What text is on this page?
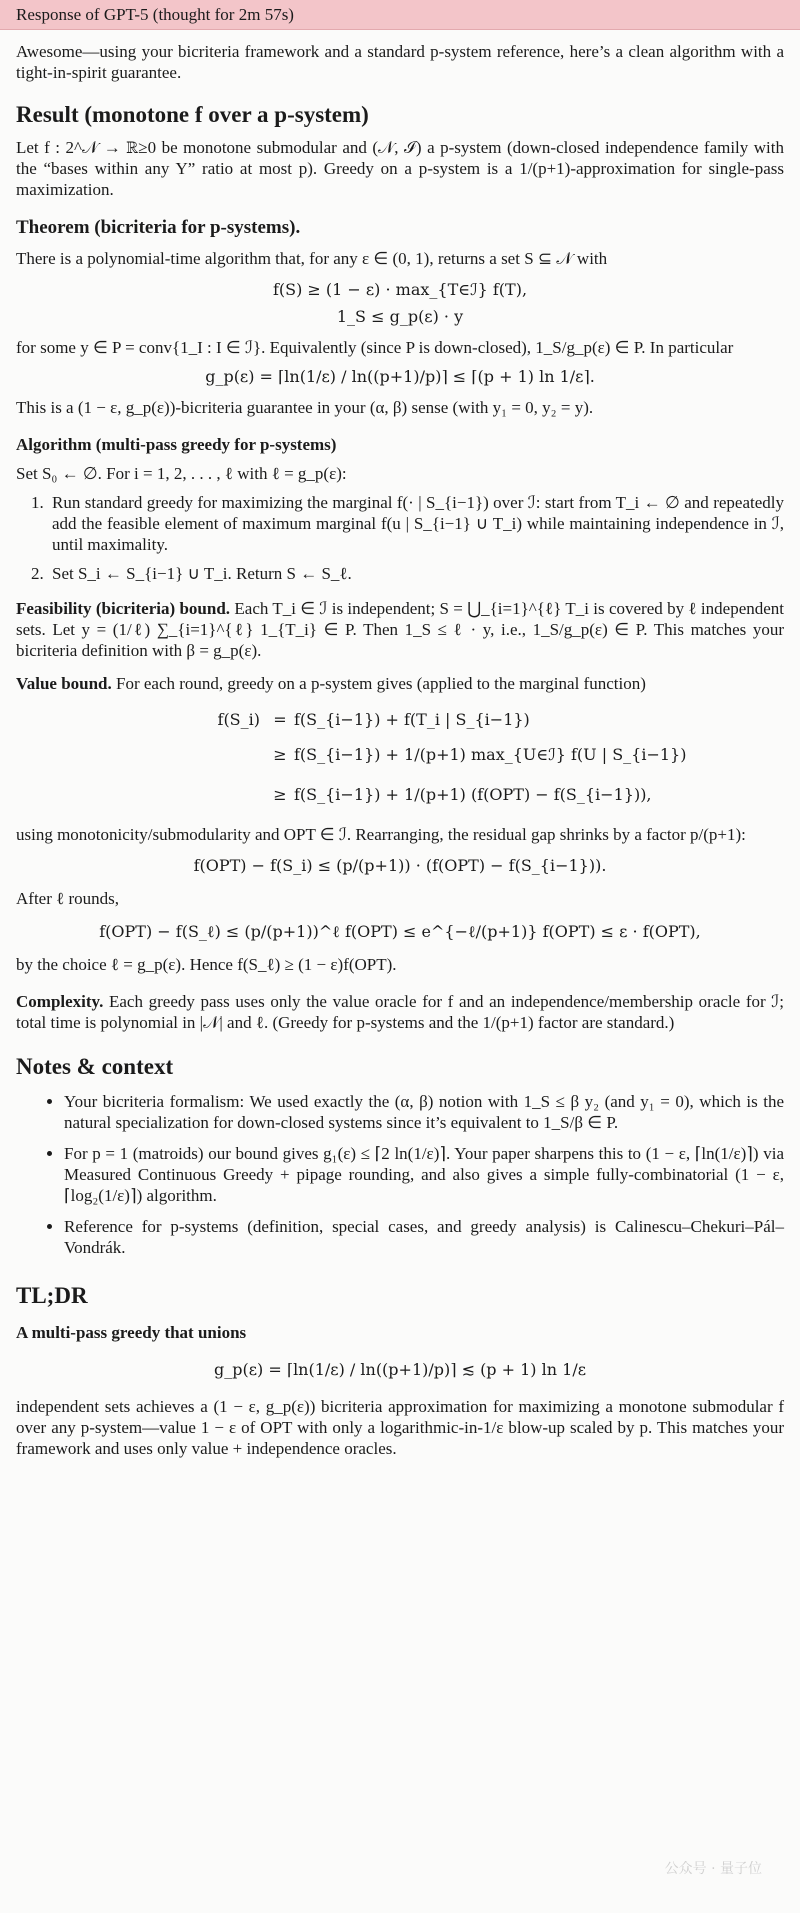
Response of GPT-5 (thought for 2m 57s)

Awesome—using your bicriteria framework and a standard p-system reference, here’s a clean algorithm with a tight-in-spirit guarantee.

Result (monotone f over a p-system)

Let f : 2^𝒩 → ℝ≥0 be monotone submodular and (𝒩, ℐ) a p-system (down-closed independence family with the “bases within any Y” ratio at most p). Greedy on a p-system is a 1/(p+1)-approximation for single-pass maximization.

Theorem (bicriteria for p-systems).

There is a polynomial-time algorithm that, for any ε ∈ (0, 1), returns a set S ⊆ 𝒩 with

f(S) ≥ (1 − ε) · max_{T∈ℐ} f(T),
1_S ≤ g_p(ε) · y

for some y ∈ P = conv{1_I : I ∈ ℐ}. Equivalently (since P is down-closed), 1_S/g_p(ε) ∈ P. In particular

g_p(ε) = ⌈ln(1/ε) / ln((p+1)/p)⌉ ≤ ⌈(p + 1) ln 1/ε⌉.

This is a (1 − ε, g_p(ε))-bicriteria guarantee in your (α, β) sense (with y₁ = 0, y₂ = y).

Algorithm (multi-pass greedy for p-systems)

Set S₀ ← ∅. For i = 1, 2, . . . , ℓ with ℓ = g_p(ε):

1. Run standard greedy for maximizing the marginal f(· | S_{i−1}) over ℐ: start from T_i ← ∅ and repeatedly add the feasible element of maximum marginal f(u | S_{i−1} ∪ T_i) while maintaining independence in ℐ, until maximality.
2. Set S_i ← S_{i−1} ∪ T_i. Return S ← S_ℓ.

Feasibility (bicriteria) bound. Each T_i ∈ ℐ is independent; S = ⋃_{i=1}^{ℓ} T_i is covered by ℓ independent sets. Let y = (1/ℓ) ∑_{i=1}^{ℓ} 1_{T_i} ∈ P. Then 1_S ≤ ℓ · y, i.e., 1_S/g_p(ε) ∈ P. This matches your bicriteria definition with β = g_p(ε).

Value bound. For each round, greedy on a p-system gives (applied to the marginal function)

f(S_i) = f(S_{i−1}) + f(T_i | S_{i−1})
≥ f(S_{i−1}) + 1/(p+1) max_{U∈ℐ} f(U | S_{i−1})
≥ f(S_{i−1}) + 1/(p+1) (f(OPT) − f(S_{i−1})),

using monotonicity/submodularity and OPT ∈ ℐ. Rearranging, the residual gap shrinks by a factor p/(p+1):

f(OPT) − f(S_i) ≤ (p/(p+1)) · (f(OPT) − f(S_{i−1})).

After ℓ rounds,

f(OPT) − f(S_ℓ) ≤ (p/(p+1))^ℓ f(OPT) ≤ e^{−ℓ/(p+1)} f(OPT) ≤ ε · f(OPT),

by the choice ℓ = g_p(ε). Hence f(S_ℓ) ≥ (1 − ε)f(OPT).

Complexity. Each greedy pass uses only the value oracle for f and an independence/membership oracle for ℐ; total time is polynomial in |𝒩| and ℓ. (Greedy for p-systems and the 1/(p+1) factor are standard.)

Notes & context
• Your bicriteria formalism: We used exactly the (α, β) notion with 1_S ≤ β y₂ (and y₁ = 0), which is the natural specialization for down-closed systems since it’s equivalent to 1_S/β ∈ P.
• For p = 1 (matroids) our bound gives g₁(ε) ≤ ⌈2 ln(1/ε)⌉. Your paper sharpens this to (1 − ε, ⌈ln(1/ε)⌉) via Measured Continuous Greedy + pipage rounding, and also gives a simple fully-combinatorial (1 − ε, ⌈log₂(1/ε)⌉) algorithm.
• Reference for p-systems (definition, special cases, and greedy analysis) is Calinescu–Chekuri–Pál–Vondrák.
TL;DR

A multi-pass greedy that unions

g_p(ε) = ⌈ln(1/ε) / ln((p+1)/p)⌉ ≲ (p + 1) ln 1/ε

independent sets achieves a (1 − ε, g_p(ε)) bicriteria approximation for maximizing a monotone submodular f over any p-system—value 1 − ε of OPT with only a logarithmic-in-1/ε blow-up scaled by p. This matches your framework and uses only value + independence oracles.

公众号 · 量子位
